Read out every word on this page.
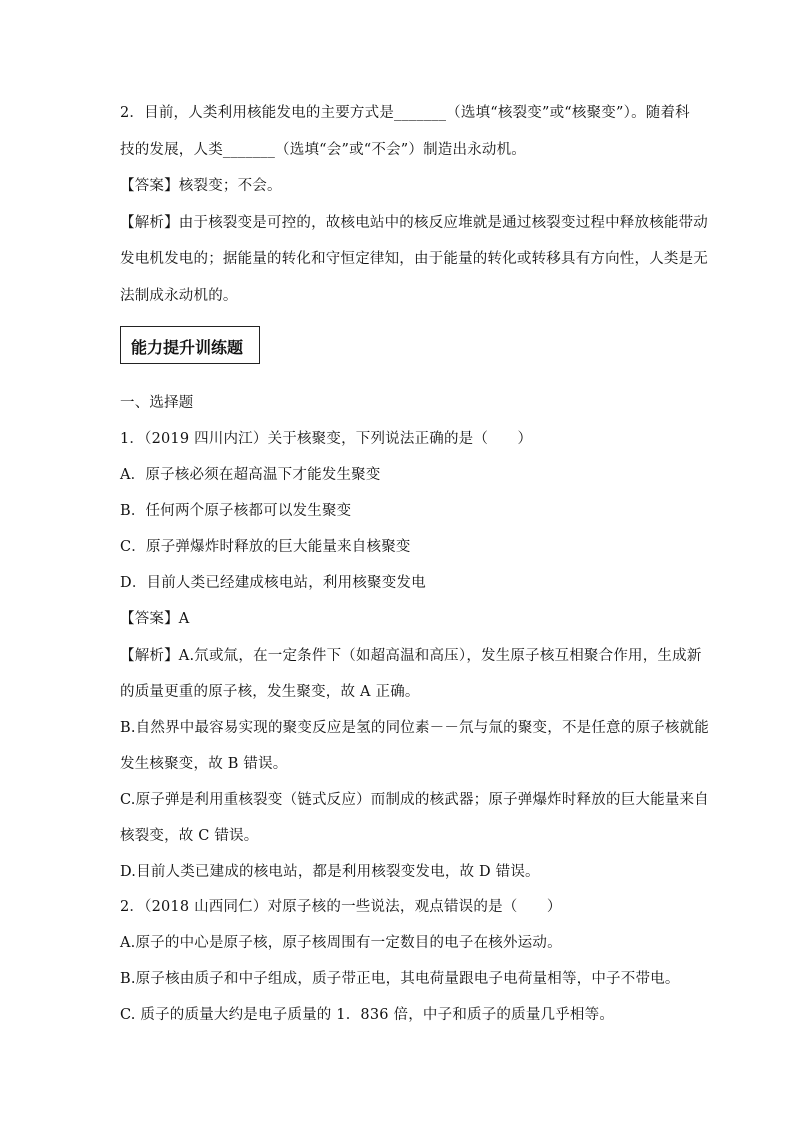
2．目前，人类利用核能发电的主要方式是_______（选填“核裂变”或“核聚变”）。随着科
技的发展，人类_______（选填“会”或“不会”）制造出永动机。
【答案】核裂变；不会。
【解析】由于核裂变是可控的，故核电站中的核反应堆就是通过核裂变过程中释放核能带动
发电机发电的；据能量的转化和守恒定律知，由于能量的转化或转移具有方向性，人类是无
法制成永动机的。
能力提升训练题
一、选择题
1．（2019 四川内江）关于核聚变，下列说法正确的是（　　）
A．原子核必须在超高温下才能发生聚变
B．任何两个原子核都可以发生聚变
C．原子弹爆炸时释放的巨大能量来自核聚变
D．目前人类已经建成核电站，利用核聚变发电
【答案】A
【解析】A.氘或氚，在一定条件下（如超高温和高压），发生原子核互相聚合作用，生成新
的质量更重的原子核，发生聚变，故 A 正确。
B.自然界中最容易实现的聚变反应是氢的同位素－－氘与氚的聚变，不是任意的原子核就能
发生核聚变，故 B 错误。
C.原子弹是利用重核裂变（链式反应）而制成的核武器；原子弹爆炸时释放的巨大能量来自
核裂变，故 C 错误。
D.目前人类已建成的核电站，都是利用核裂变发电，故 D 错误。
2．（2018 山西同仁）对原子核的一些说法，观点错误的是（　　）
A.原子的中心是原子核，原子核周围有一定数目的电子在核外运动。
B.原子核由质子和中子组成，质子带正电，其电荷量跟电子电荷量相等，中子不带电。
C. 质子的质量大约是电子质量的 1．836 倍，中子和质子的质量几乎相等。
